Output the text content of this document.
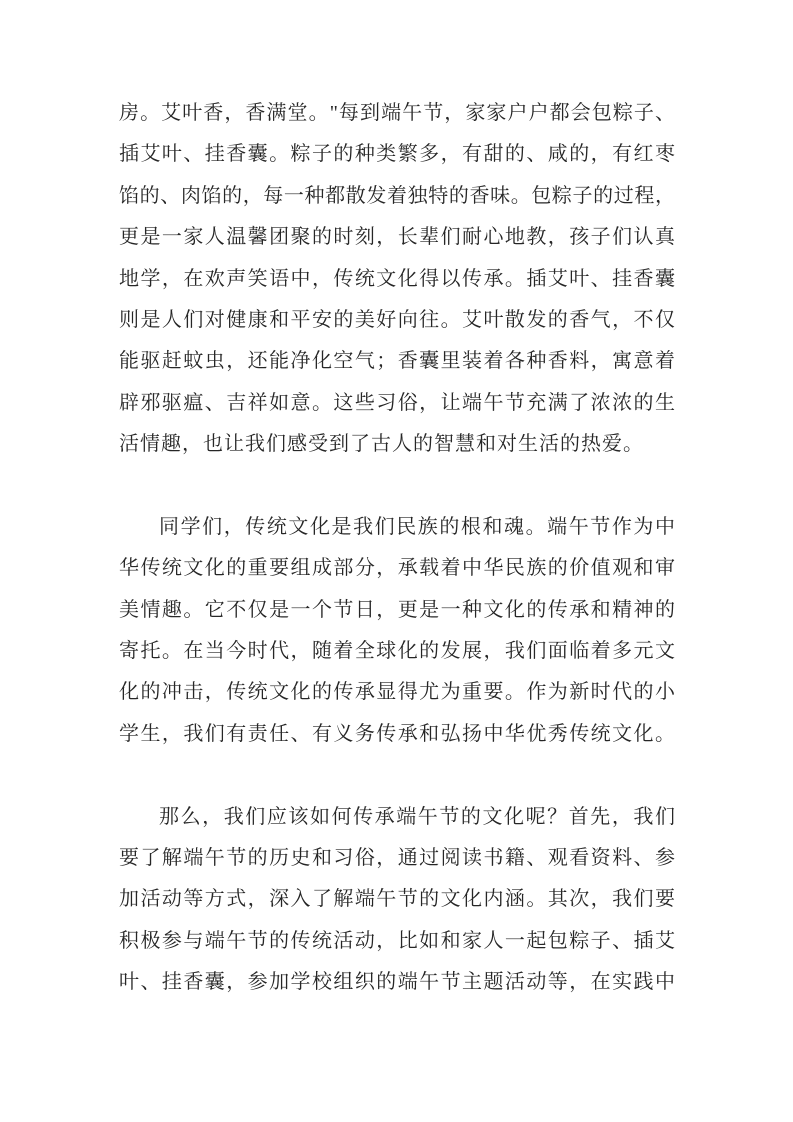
房。艾叶香，香满堂。"每到端午节，家家户户都会包粽子、
插艾叶、挂香囊。粽子的种类繁多，有甜的、咸的，有红枣
馅的、肉馅的，每一种都散发着独特的香味。包粽子的过程，
更是一家人温馨团聚的时刻，长辈们耐心地教，孩子们认真
地学，在欢声笑语中，传统文化得以传承。插艾叶、挂香囊
则是人们对健康和平安的美好向往。艾叶散发的香气，不仅
能驱赶蚊虫，还能净化空气；香囊里装着各种香料，寓意着
辟邪驱瘟、吉祥如意。这些习俗，让端午节充满了浓浓的生
活情趣，也让我们感受到了古人的智慧和对生活的热爱。
同学们，传统文化是我们民族的根和魂。端午节作为中
华传统文化的重要组成部分，承载着中华民族的价值观和审
美情趣。它不仅是一个节日，更是一种文化的传承和精神的
寄托。在当今时代，随着全球化的发展，我们面临着多元文
化的冲击，传统文化的传承显得尤为重要。作为新时代的小
学生，我们有责任、有义务传承和弘扬中华优秀传统文化。
那么，我们应该如何传承端午节的文化呢？首先，我们
要了解端午节的历史和习俗，通过阅读书籍、观看资料、参
加活动等方式，深入了解端午节的文化内涵。其次，我们要
积极参与端午节的传统活动，比如和家人一起包粽子、插艾
叶、挂香囊，参加学校组织的端午节主题活动等，在实践中
